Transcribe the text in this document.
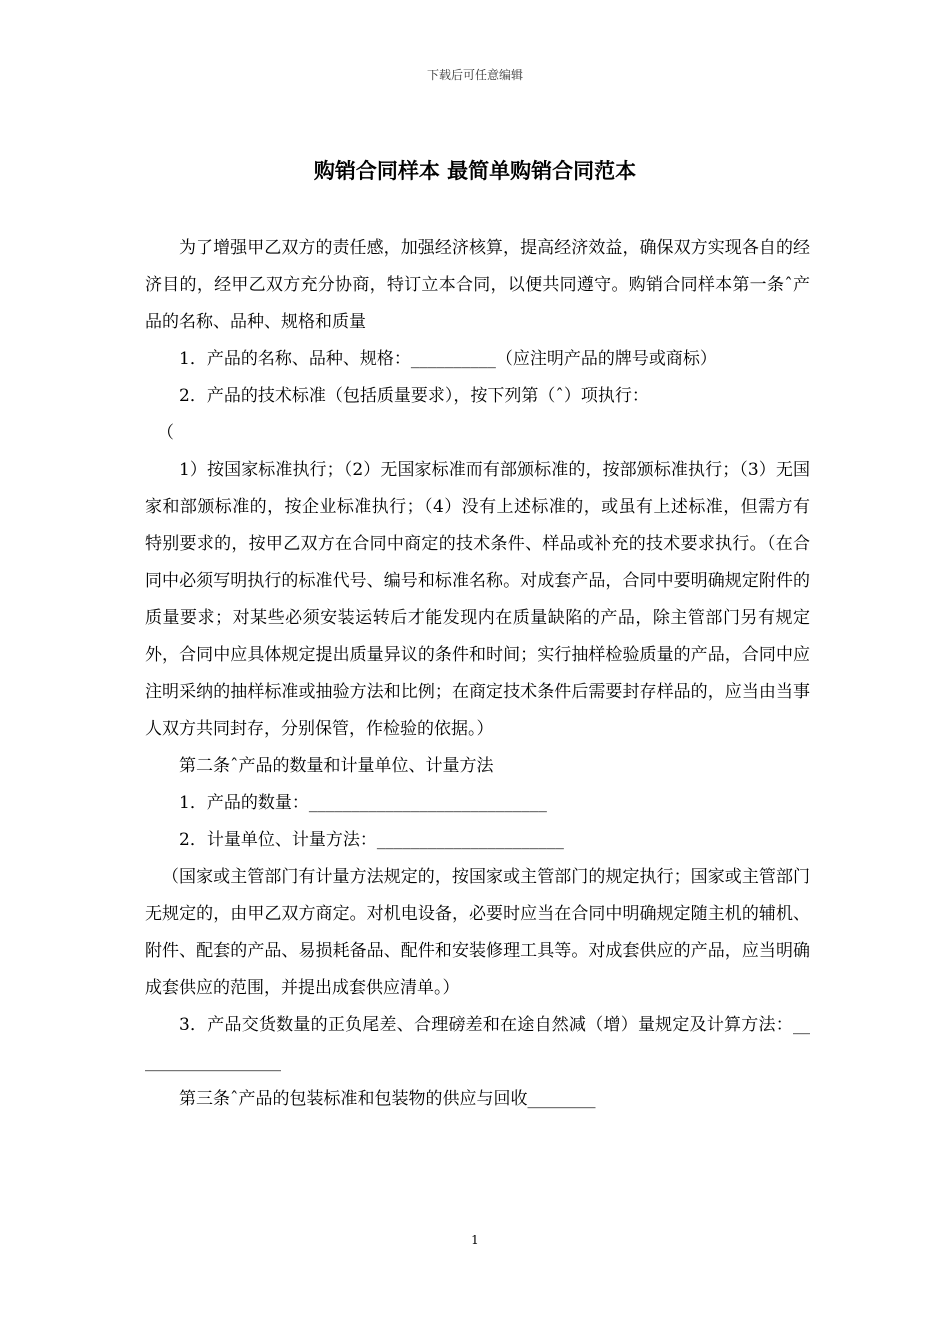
下载后可任意编辑
购销合同样本 最简单购销合同范本

为了增强甲乙双方的责任感，加强经济核算，提高经济效益，确保双方实现各自的经济目的，经甲乙双方充分协商，特订立本合同，以便共同遵守。购销合同样本第一条ˆ产品的名称、品种、规格和质量

1．产品的名称、品种、规格：__________（应注明产品的牌号或商标）

2．产品的技术标准（包括质量要求），按下列第（ˆ）项执行：

（

1）按国家标准执行；（2）无国家标准而有部颁标准的，按部颁标准执行；（3）无国家和部颁标准的，按企业标准执行；（4）没有上述标准的，或虽有上述标准，但需方有特别要求的，按甲乙双方在合同中商定的技术条件、样品或补充的技术要求执行。（在合同中必须写明执行的标准代号、编号和标准名称。对成套产品，合同中要明确规定附件的质量要求；对某些必须安装运转后才能发现内在质量缺陷的产品，除主管部门另有规定外，合同中应具体规定提出质量异议的条件和时间；实行抽样检验质量的产品，合同中应注明采纳的抽样标准或抽验方法和比例；在商定技术条件后需要封存样品的，应当由当事人双方共同封存，分别保管，作检验的依据。）

第二条ˆ产品的数量和计量单位、计量方法

1．产品的数量：____________________________

2．计量单位、计量方法：______________________

（国家或主管部门有计量方法规定的，按国家或主管部门的规定执行；国家或主管部门无规定的，由甲乙双方商定。对机电设备，必要时应当在合同中明确规定随主机的辅机、附件、配套的产品、易损耗备品、配件和安装修理工具等。对成套供应的产品，应当明确成套供应的范围，并提出成套供应清单。）

3．产品交货数量的正负尾差、合理磅差和在途自然减（增）量规定及计算方法：__________________

第三条ˆ产品的包装标准和包装物的供应与回收________

1
